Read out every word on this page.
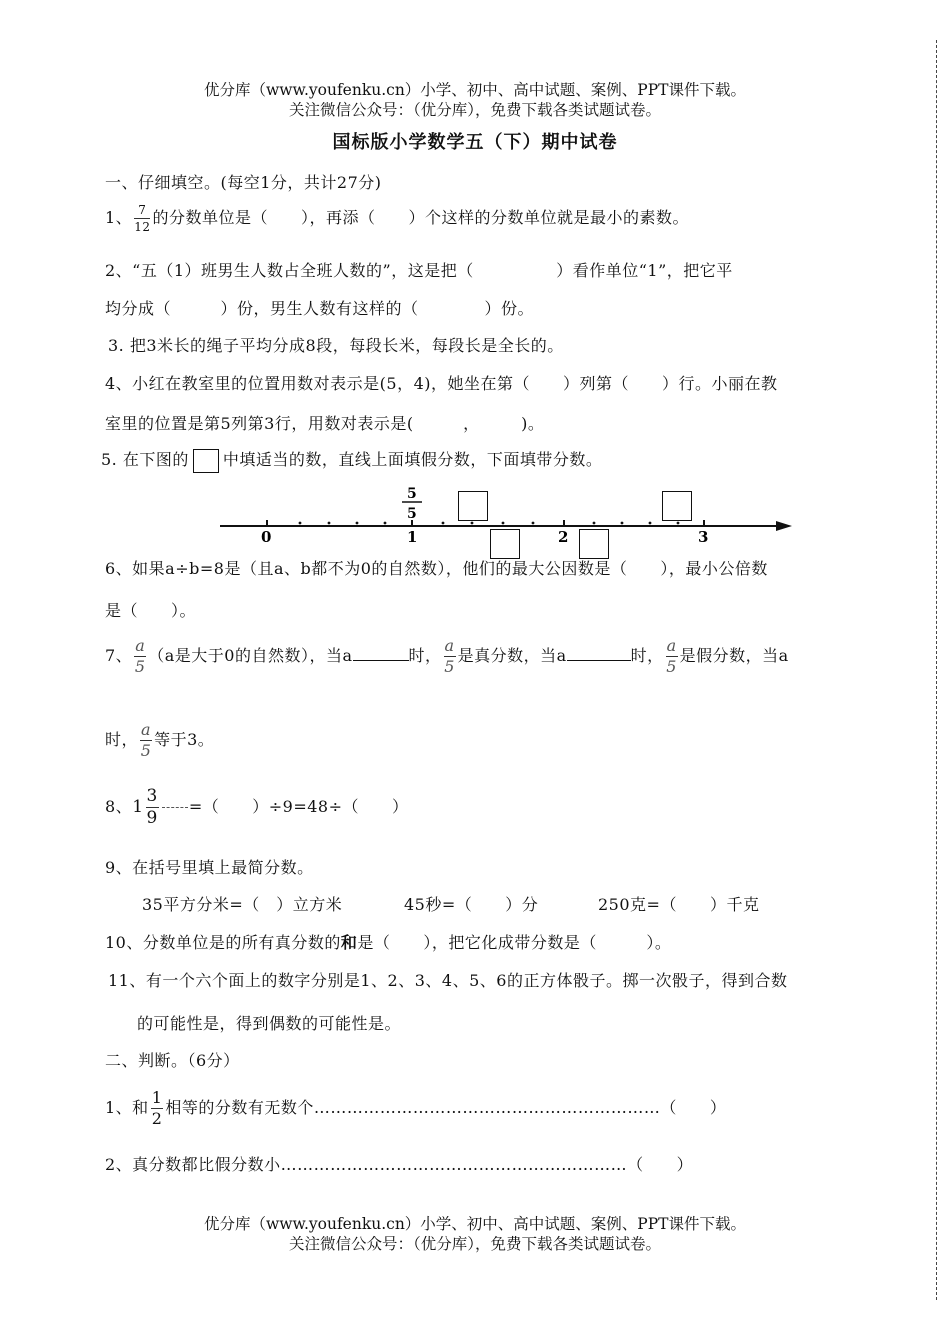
优分库（www.youfenku.cn）小学、初中、高中试题、案例、PPT课件下载。
关注微信公众号：（优分库），免费下载各类试题试卷。
国标版小学数学五（下）期中试卷
一、仔细填空。(每空1分，共计27分)
1、 $\frac{7}{12}$ 的分数单位是（　　），再添（　　）个这样的分数单位就是最小的素数。
2、“五（1）班男生人数占全班人数的”，这是把（　　　　　）看作单位“1”，把它平
均分成（　　　）份，男生人数有这样的（　　　　）份。
3. 把3米长的绳子平均分成8段，每段长米，每段长是全长的。
4、小红在教室里的位置用数对表示是(5，4)，她坐在第（　　）列第（　　）行。小丽在教
室里的位置是第5列第3行，用数对表示是(　　　，　　　)。
5. 在下图的 中填适当的数，直线上面填假分数，下面填带分数。
0	1	2	3
5
5
6、如果a÷b=8是（且a、b都不为0的自然数），他们的最大公因数是（　　），最小公倍数
是（　　）。
7、 $\frac{a}{5} (a$是大于0的自然数），当a	时， $\frac{a}{5}$ 是真分数，当a	时， $\frac{a}{5}$ 是假分数，当a
时， $\frac{a}{5}$ 等于3。
8、$1 \frac{3}{9}$ =（　　）÷9=48÷（　　）
9、在括号里填上最简分数。
35平方分米=（　）立方米	45秒=（　　）分	250克=（　　）千克
10、分数单位是的所有真分数的和是（　　），把它化成带分数是（　　　）。
11、有一个六个面上的数字分别是1、2、3、4、5、6的正方体骰子。掷一次骰子，得到合数
的可能性是，得到偶数的可能性是。
二、判断。（6分）
1、和 $\frac{1}{2}$ 相等的分数有无数个………………………………………………………（　　）
2、真分数都比假分数小………………………………………………………（　　）
优分库（www.youfenku.cn）小学、初中、高中试题、案例、PPT课件下载。
关注微信公众号：（优分库），免费下载各类试题试卷。
